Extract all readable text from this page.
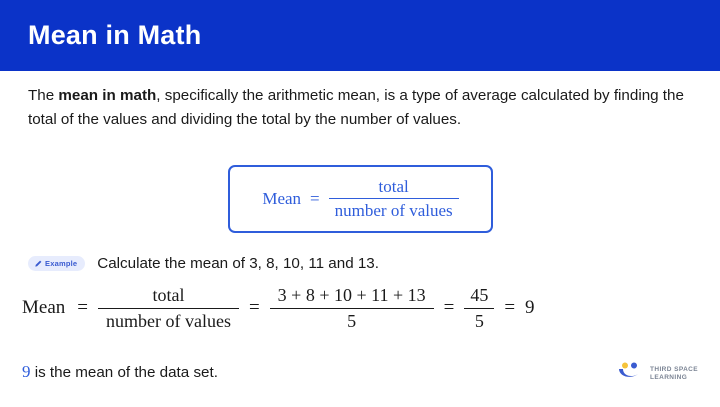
Mean in Math
The mean in math, specifically the arithmetic mean, is a type of average calculated by finding the total of the values and dividing the total by the number of values.
Mean = $\frac{\text{total}}{\text{number of values}}$
Example Calculate the mean of 3, 8, 10, 11 and 13.
Mean = $\frac{\text{total}}{\text{number of values}} = \frac{3 + 8 + 10 + 11 + 13}{5} = \frac{45}{5} = 9$
9 is the mean of the data set.	THIRD SPACE
LEARNING
